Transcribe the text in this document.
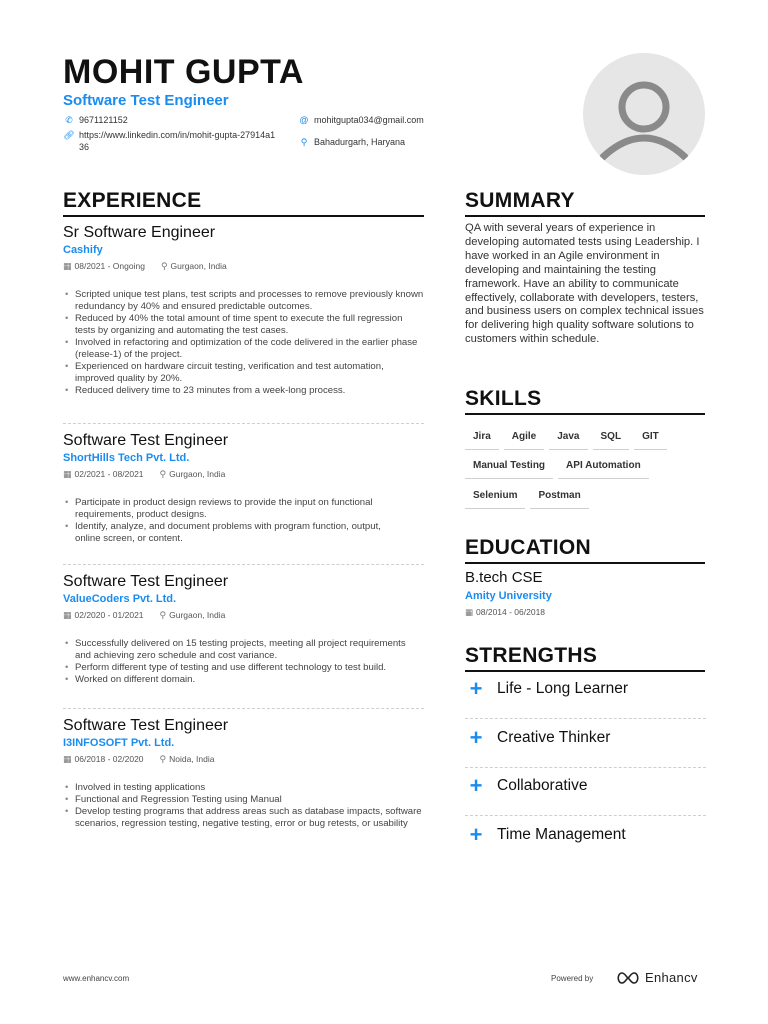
MOHIT GUPTA
Software Test Engineer
✆ 9671121152
🔗︎ https://www.linkedin.com/in/mohit-gupta-27914a136
@ mohitgupta034@gmail.com
⚲ Bahadurgarh, Haryana
EXPERIENCE	SUMMARY
SKILLS
EDUCATION
STRENGTHS
Sr Software Engineer
Cashify
▦ 08/2021 - Ongoing ⚲ Gurgaon, India
• Scripted unique test plans, test scripts and processes to remove previously known redundancy by 40% and ensured predictable outcomes.
• Reduced by 40% the total amount of time spent to execute the full regression tests by organizing and automating the test cases.
• Involved in refactoring and optimization of the code delivered in the earlier phase (release-1) of the project.
• Experienced on hardware circuit testing, verification and test automation, improved quality by 20%.
• Reduced delivery time to 23 minutes from a week-long process.
Software Test Engineer
ShortHills Tech Pvt. Ltd.
▦ 02/2021 - 08/2021 ⚲ Gurgaon, India
• Participate in product design reviews to provide the input on functional requirements, product designs.
• Identify, analyze, and document problems with program function, output,
online screen, or content.
Software Test Engineer
ValueCoders Pvt. Ltd.
▦ 02/2020 - 01/2021 ⚲ Gurgaon, India
• Successfully delivered on 15 testing projects, meeting all project requirements and achieving zero schedule and cost variance.
• Perform different type of testing and use different technology to test build.
• Worked on different domain.
Software Test Engineer
I3INFOSOFT Pvt. Ltd.
▦ 06/2018 - 02/2020 ⚲ Noida, India
• Involved in testing applications
• Functional and Regression Testing using Manual
• Develop testing programs that address areas such as database impacts, software scenarios, regression testing, negative testing, error or bug retests, or usability
QA with several years of experience in developing automated tests using Leadership. I have worked in an Agile environment in developing and maintaining the testing framework. Have an ability to communicate effectively, collaborate with developers, testers, and business users on complex technical issues for delivering high quality software solutions to customers within schedule.
Jira	Agile	Java	SQL	GIT
Manual Testing	API Automation
Selenium	Postman
B.tech CSE
Amity University
▦ 08/2014 - 06/2018
+ Life - Long Learner
+ Creative Thinker
+ Collaborative
+ Time Management
www.enhancv.com	Powered by	Enhancv
